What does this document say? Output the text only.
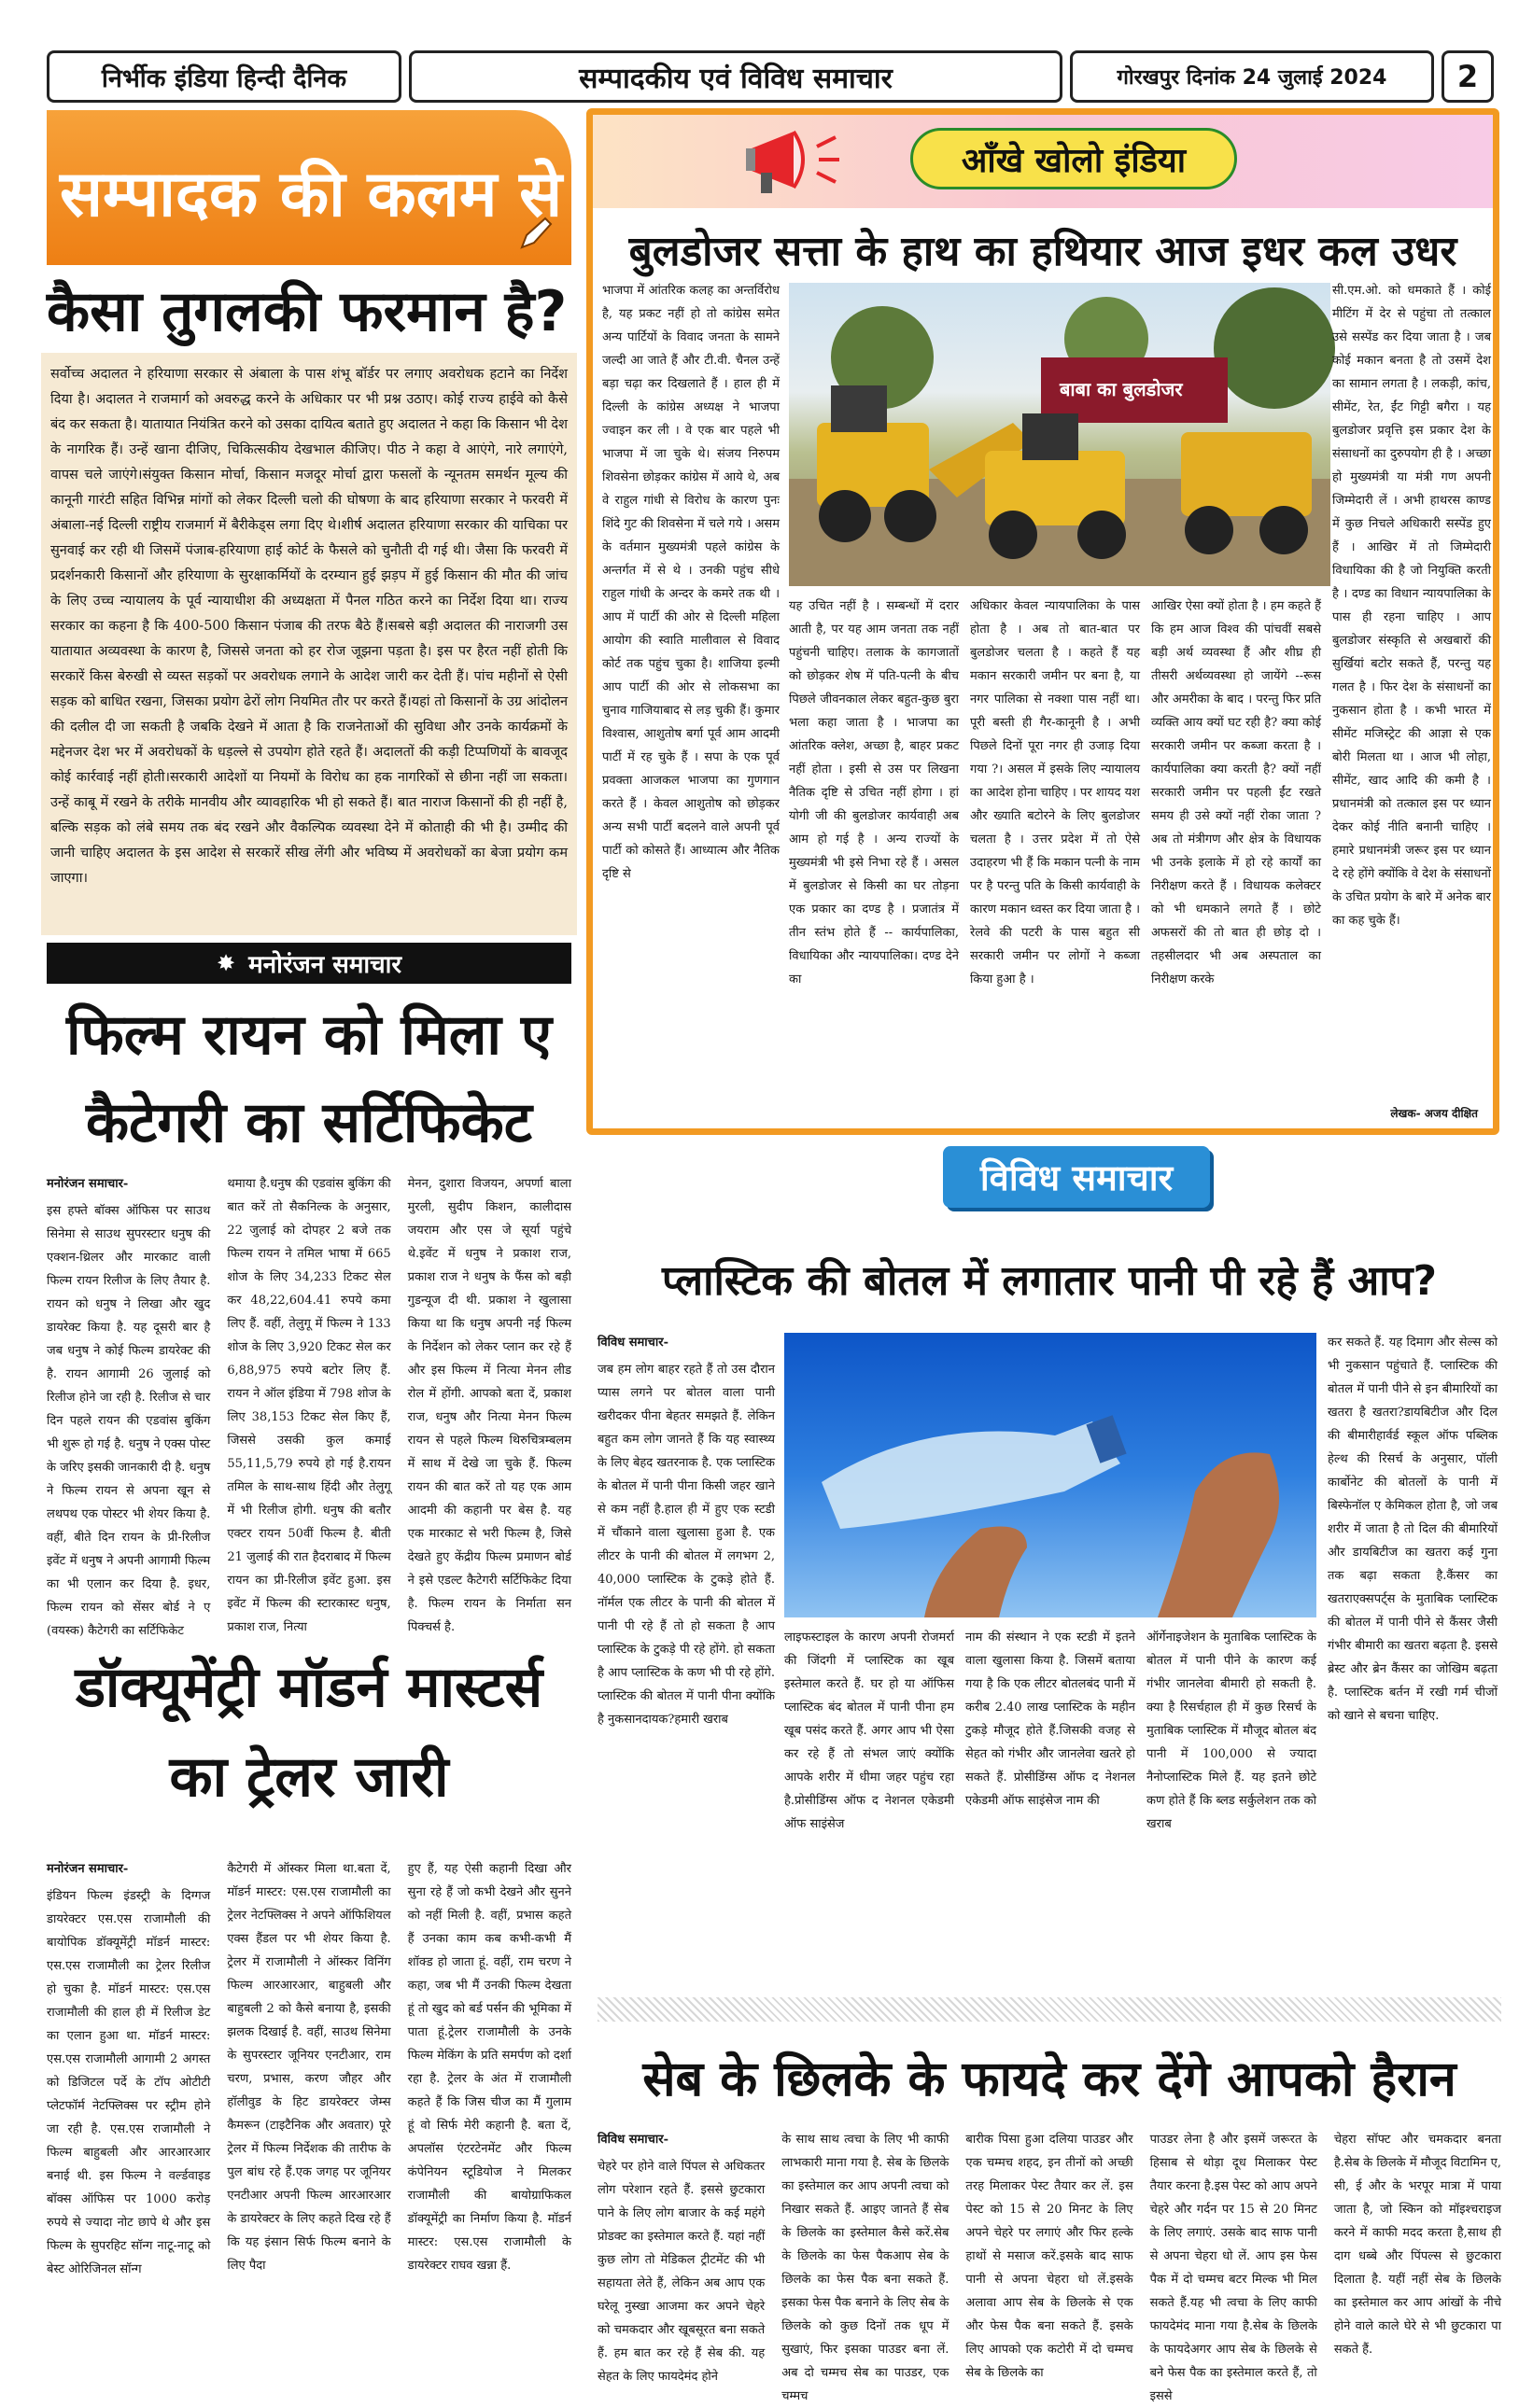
निर्भीक इंडिया हिन्दी दैनिक	सम्पादकीय एवं विविध समाचार	गोरखपुर दिनांक 24 जुलाई 2024	2
सम्पादक की कलम से
कैसा तुगलकी फरमान है?
सर्वोच्च अदालत ने हरियाणा सरकार से अंबाला के पास शंभू बॉर्डर पर लगाए अवरोधक हटाने का निर्देश दिया है। अदालत ने राजमार्ग को अवरुद्ध करने के अधिकार पर भी प्रश्न उठाए। कोई राज्य हाईवे को कैसे बंद कर सकता है। यातायात नियंत्रित करने को उसका दायित्व बताते हुए अदालत ने कहा कि किसान भी देश के नागरिक हैं। उन्हें खाना दीजिए, चिकित्सकीय देखभाल कीजिए। पीठ ने कहा वे आएंगे, नारे लगाएंगे, वापस चले जाएंगे।संयुक्त किसान मोर्चा, किसान मजदूर मोर्चा द्वारा फसलों के न्यूनतम समर्थन मूल्य की कानूनी गारंटी सहित विभिन्न मांगों को लेकर दिल्ली चलो की घोषणा के बाद हरियाणा सरकार ने फरवरी में अंबाला-नई दिल्ली राष्ट्रीय राजमार्ग में बैरीकेड्स लगा दिए थे।शीर्ष अदालत हरियाणा सरकार की याचिका पर सुनवाई कर रही थी जिसमें पंजाब-हरियाणा हाई कोर्ट के फैसले को चुनौती दी गई थी। जैसा कि फरवरी में प्रदर्शनकारी किसानों और हरियाणा के सुरक्षाकर्मियों के दरम्यान हुई झड़प में हुई किसान की मौत की जांच के लिए उच्च न्यायालय के पूर्व न्यायाधीश की अध्यक्षता में पैनल गठित करने का निर्देश दिया था। राज्य सरकार का कहना है कि 400-500 किसान पंजाब की तरफ बैठे हैं।सबसे बड़ी अदालत की नाराजगी उस यातायात अव्यवस्था के कारण है, जिससे जनता को हर रोज जूझना पड़ता है। इस पर हैरत नहीं होती कि सरकारें किस बेरुखी से व्यस्त सड़कों पर अवरोधक लगाने के आदेश जारी कर देती हैं। पांच महीनों से ऐसी सड़क को बाधित रखना, जिसका प्रयोग ढेरों लोग नियमित तौर पर करते हैं।यहां तो किसानों के उग्र आंदोलन की दलील दी जा सकती है जबकि देखने में आता है कि राजनेताओं की सुविधा और उनके कार्यक्रमों के मद्देनजर देश भर में अवरोधकों के धड़ल्ले से उपयोग होते रहते हैं। अदालतों की कड़ी टिप्पणियों के बावजूद कोई कार्रवाई नहीं होती।सरकारी आदेशों या नियमों के विरोध का हक नागरिकों से छीना नहीं जा सकता। उन्हें काबू में रखने के तरीके मानवीय और व्यावहारिक भी हो सकते हैं। बात नाराज किसानों की ही नहीं है, बल्कि सड़क को लंबे समय तक बंद रखने और वैकल्पिक व्यवस्था देने में कोताही की भी है। उम्मीद की जानी चाहिए अदालत के इस आदेश से सरकारें सीख लेंगी और भविष्य में अवरोधकों का बेजा प्रयोग कम जाएगा।
✸ मनोरंजन समाचार
फिल्म रायन को मिला ए कैटेगरी का सर्टिफिकेट
मनोरंजन समाचार-
इस हफ्ते बॉक्स ऑफिस पर साउथ सिनेमा से साउथ सुपरस्टार धनुष की एक्शन-थ्रिलर और मारकाट वाली फिल्म रायन रिलीज के लिए तैयार है. रायन को धनुष ने लिखा और खुद डायरेक्ट किया है. यह दूसरी बार है जब धनुष ने कोई फिल्म डायरेक्ट की है. रायन आगामी 26 जुलाई को रिलीज होने जा रही है. रिलीज से चार दिन पहले रायन की एडवांस बुकिंग भी शुरू हो गई है. धनुष ने एक्स पोस्ट के जरिए इसकी जानकारी दी है. धनुष ने फिल्म रायन से अपना खून से लथपथ एक पोस्टर भी शेयर किया है. वहीं, बीते दिन रायन के प्री-रिलीज इवेंट में धनुष ने अपनी आगामी फिल्म का भी एलान कर दिया है. इधर, फिल्म रायन को सेंसर बोर्ड ने ए (वयस्क) कैटेगरी का सर्टिफिकेट
थमाया है.धनुष की एडवांस बुकिंग की बात करें तो सैकनिल्क के अनुसार, 22 जुलाई को दोपहर 2 बजे तक फिल्म रायन ने तमिल भाषा में 665 शोज के लिए 34,233 टिकट सेल कर 48,22,604.41 रुपये कमा लिए हैं. वहीं, तेलुगू में फिल्म ने 133 शोज के लिए 3,920 टिकट सेल कर 6,88,975 रुपये बटोर लिए हैं. रायन ने ऑल इंडिया में 798 शोज के लिए 38,153 टिकट सेल किए हैं, जिससे उसकी कुल कमाई 55,11,5,79 रुपये हो गई है.रायन तमिल के साथ-साथ हिंदी और तेलुगू में भी रिलीज होगी. धनुष की बतौर एक्टर रायन 50वीं फिल्म है. बीती 21 जुलाई की रात हैदराबाद में फिल्म रायन का प्री-रिलीज इवेंट हुआ. इस इवेंट में फिल्म की स्टारकास्ट धनुष, प्रकाश राज, नित्या
मेनन, दुशारा विजयन, अपर्णा बाला मुरली, सुदीप किशन, कालीदास जयराम और एस जे सूर्या पहुंचे थे.इवेंट में धनुष ने प्रकाश राज, प्रकाश राज ने धनुष के फैंस को बड़ी गुडन्यूज दी थी. प्रकाश ने खुलासा किया था कि धनुष अपनी नई फिल्म के निर्देशन को लेकर प्लान कर रहे हैं और इस फिल्म में नित्या मेनन लीड रोल में होंगी. आपको बता दें, प्रकाश राज, धनुष और नित्या मेनन फिल्म रायन से पहले फिल्म थिरुचित्रम्बलम में साथ में देखे जा चुके हैं. फिल्म रायन की बात करें तो यह एक आम आदमी की कहानी पर बेस है. यह एक मारकाट से भरी फिल्म है, जिसे देखते हुए केंद्रीय फिल्म प्रमाणन बोर्ड ने इसे एडल्ट कैटेगरी सर्टिफिकेट दिया है. फिल्म रायन के निर्माता सन पिक्चर्स है.
डॉक्यूमेंट्री मॉडर्न मास्टर्स का ट्रेलर जारी
मनोरंजन समाचार-
इंडियन फिल्म इंडस्ट्री के दिग्गज डायरेक्टर एस.एस राजामौली की बायोपिक डॉक्यूमेंट्री मॉडर्न मास्टर: एस.एस राजामौली का ट्रेलर रिलीज हो चुका है. मॉडर्न मास्टर: एस.एस राजामौली की हाल ही में रिलीज डेट का एलान हुआ था. मॉडर्न मास्टर: एस.एस राजामौली आगामी 2 अगस्त को डिजिटल पर्दे के टॉप ओटीटी प्लेटफॉर्म नेटफ्लिक्स पर स्ट्रीम होने जा रही है. एस.एस राजामौली ने फिल्म बाहुबली और आरआरआर बनाई थी. इस फिल्म ने वर्ल्डवाइड बॉक्स ऑफिस पर 1000 करोड़ रुपये से ज्यादा नोट छापे थे और इस फिल्म के सुपरहिट सॉन्ग नाटू-नाटू को बेस्ट ओरिजिनल सॉन्ग
कैटेगरी में ऑस्कर मिला था.बता दें, मॉडर्न मास्टर: एस.एस राजामौली का ट्रेलर नेटफ्लिक्स ने अपने ऑफिशियल एक्स हैंडल पर भी शेयर किया है. ट्रेलर में राजामौली ने ऑस्कर विनिंग फिल्म आरआरआर, बाहुबली और बाहुबली 2 को कैसे बनाया है, इसकी झलक दिखाई है. वहीं, साउथ सिनेमा के सुपरस्टार जूनियर एनटीआर, राम चरण, प्रभास, करण जौहर और हॉलीवुड के हिट डायरेक्टर जेम्स कैमरून (टाइटैनिक और अवतार) पूरे ट्रेलर में फिल्म निर्देशक की तारीफ के पुल बांध रहे हैं.एक जगह पर जूनियर एनटीआर अपनी फिल्म आरआरआर के डायरेक्टर के लिए कहते दिख रहे हैं कि यह इंसान सिर्फ फिल्म बनाने के लिए पैदा
हुए हैं, यह ऐसी कहानी दिखा और सुना रहे हैं जो कभी देखने और सुनने को नहीं मिली है. वहीं, प्रभास कहते हैं उनका काम कब कभी-कभी मैं शॉक्ड हो जाता हूं. वहीं, राम चरण ने कहा, जब भी मैं उनकी फिल्म देखता हूं तो खुद को बर्ड पर्सन की भूमिका में पाता हूं.ट्रेलर राजामौली के उनके फिल्म मेकिंग के प्रति समर्पण को दर्शा रहा है. ट्रेलर के अंत में राजामौली कहते हैं कि जिस चीज का मैं गुलाम हूं वो सिर्फ मेरी कहानी है. बता दें, अपलॉस एंटरटेनमेंट और फिल्म कंपेनियन स्टूडियोज ने मिलकर राजामौली की बायोग्राफिकल डॉक्यूमेंट्री का निर्माण किया है. मॉडर्न मास्टर: एस.एस राजामौली के डायरेक्टर राघव खन्ना हैं.
आँखे खोलो इंडिया
बुलडोजर सत्ता के हाथ का हथियार आज इधर कल उधर
भाजपा में आंतरिक कलह का अन्तर्विरोध है, यह प्रकट नहीं हो तो कांग्रेस समेत अन्य पार्टियों के विवाद जनता के सामने जल्दी आ जाते हैं और टी.वी. चैनल उन्हें बड़ा चढ़ा कर दिखलाते हैं । हाल ही में दिल्ली के कांग्रेस अध्यक्ष ने भाजपा ज्वाइन कर ली । वे एक बार पहले भी भाजपा में जा चुके थे। संजय निरुपम शिवसेना छोड़कर कांग्रेस में आये थे, अब वे राहुल गांधी से विरोध के कारण पुनः शिंदे गुट की शिवसेना में चले गये । असम के वर्तमान मुख्यमंत्री पहले कांग्रेस के अन्तर्गत में से थे । उनकी पहुंच सीधे राहुल गांधी के अन्दर के कमरे तक थी । आप में पार्टी की ओर से दिल्ली महिला आयोग की स्वाति मालीवाल से विवाद कोर्ट तक पहुंच चुका है। शाजिया इल्मी आप पार्टी की ओर से लोकसभा का चुनाव गाजियाबाद से लड़ चुकी हैं। कुमार विश्वास, आशुतोष बर्गा पूर्व आम आदमी पार्टी में रह चुके हैं । सपा के एक पूर्व प्रवक्ता आजकल भाजपा का गुणगान करते हैं । केवल आशुतोष को छोड़कर अन्य सभी पार्टी बदलने वाले अपनी पूर्व पार्टी को कोसते हैं। आध्यात्म और नैतिक दृष्टि से
बाबा का बुलडोजर
यह उचित नहीं है । सम्बन्धों में दरार आती है, पर यह आम जनता तक नहीं पहुंचनी चाहिए। तलाक के कागजातों को छोड़कर शेष में पति-पत्नी के बीच पिछले जीवनकाल लेकर बहुत-कुछ बुरा भला कहा जाता है । भाजपा का आंतरिक क्लेश, अच्छा है, बाहर प्रकट नहीं होता । इसी से उस पर लिखना नैतिक दृष्टि से उचित नहीं होगा । हां योगी जी की बुलडोजर कार्यवाही अब आम हो गई है । अन्य राज्यों के मुख्यमंत्री भी इसे निभा रहे हैं । असल में बुलडोजर से किसी का घर तोड़ना एक प्रकार का दण्ड है । प्रजातंत्र में तीन स्तंभ होते हैं -- कार्यपालिका, विधायिका और न्यायपालिका। दण्ड देने का
अधिकार केवल न्यायपालिका के पास होता है । अब तो बात-बात पर बुलडोजर चलता है । कहते हैं यह मकान सरकारी जमीन पर बना है, या नगर पालिका से नक्शा पास नहीं था। पूरी बस्ती ही गैर-कानूनी है । अभी पिछले दिनों पूरा नगर ही उजाड़ दिया गया ?। असल में इसके लिए न्यायालय का आदेश होना चाहिए । पर शायद यश और ख्याति बटोरने के लिए बुलडोजर चलता है । उत्तर प्रदेश में तो ऐसे उदाहरण भी हैं कि मकान पत्नी के नाम पर है परन्तु पति के किसी कार्यवाही के कारण मकान ध्वस्त कर दिया जाता है । रेलवे की पटरी के पास बहुत सी सरकारी जमीन पर लोगों ने कब्जा किया हुआ है ।
आखिर ऐसा क्यों होता है । हम कहते हैं कि हम आज विश्व की पांचवीं सबसे बड़ी अर्थ व्यवस्था हैं और शीघ्र ही तीसरी अर्थव्यवस्था हो जायेंगे --रूस और अमरीका के बाद । परन्तु फिर प्रति व्यक्ति आय क्यों घट रही है? क्या कोई सरकारी जमीन पर कब्जा करता है । कार्यपालिका क्या करती है? क्यों नहीं सरकारी जमीन पर पहली ईंट रखते समय ही उसे क्यों नहीं रोका जाता ? अब तो मंत्रीगण और क्षेत्र के विधायक भी उनके इलाके में हो रहे कार्यों का निरीक्षण करते हैं । विधायक कलेक्टर को भी धमकाने लगते हैं । छोटे अफसरों की तो बात ही छोड़ दो । तहसीलदार भी अब अस्पताल का निरीक्षण करके
सी.एम.ओ. को धमकाते हैं । कोई मीटिंग में देर से पहुंचा तो तत्काल उसे सस्पेंड कर दिया जाता है । जब कोई मकान बनता है तो उसमें देश का सामान लगता है । लकड़ी, कांच, सीमेंट, रेत, ईंट गिट्टी बगैरा । यह बुलडोजर प्रवृत्ति इस प्रकार देश के संसाधनों का दुरुपयोग ही है । अच्छा हो मुख्यमंत्री या मंत्री गण अपनी जिम्मेदारी लें । अभी हाथरस काण्ड में कुछ निचले अधिकारी सस्पेंड हुए हैं । आखिर में तो जिम्मेदारी विधायिका की है जो नियुक्ति करती है । दण्ड का विधान न्यायपालिका के पास ही रहना चाहिए । आप बुलडोजर संस्कृति से अखबारों की सुर्खियां बटोर सकते हैं, परन्तु यह गलत है । फिर देश के संसाधनों का नुकसान होता है । कभी भारत में सीमेंट मजिस्ट्रेट की आज्ञा से एक बोरी मिलता था । आज भी लोहा, सीमेंट, खाद आदि की कमी है । प्रधानमंत्री को तत्काल इस पर ध्यान देकर कोई नीति बनानी चाहिए । हमारे प्रधानमंत्री जरूर इस पर ध्यान दे रहे होंगे क्योंकि वे देश के संसाधनों के उचित प्रयोग के बारे में अनेक बार का कह चुके हैं।
लेखक- अजय दीक्षित
विविध समाचार
प्लास्टिक की बोतल में लगातार पानी पी रहे हैं आप?
विविध समाचार-
जब हम लोग बाहर रहते हैं तो उस दौरान प्यास लगने पर बोतल वाला पानी खरीदकर पीना बेहतर समझते हैं. लेकिन बहुत कम लोग जानते हैं कि यह स्वास्थ्य के लिए बेहद खतरनाक है. एक प्लास्टिक के बोतल में पानी पीना किसी जहर खाने से कम नहीं है.हाल ही में हुए एक स्टडी में चौंकाने वाला खुलासा हुआ है. एक लीटर के पानी की बोतल में लगभग 2, 40,000 प्लास्टिक के टुकड़े होते हैं. नॉर्मल एक लीटर के पानी की बोतल में पानी पी रहे हैं तो हो सकता है आप प्लास्टिक के टुकड़े पी रहे होंगे. हो सकता है आप प्लास्टिक के कण भी पी रहे होंगे. प्लास्टिक की बोतल में पानी पीना क्योंकि है नुकसानदायक?हमारी खराब
लाइफस्टाइल के कारण अपनी रोजमर्रा की जिंदगी में प्लास्टिक का खूब इस्तेमाल करते हैं. घर हो या ऑफिस प्लास्टिक बंद बोतल में पानी पीना हम खूब पसंद करते हैं. अगर आप भी ऐसा कर रहे हैं तो संभल जाएं क्योंकि आपके शरीर में धीमा जहर पहुंच रहा है.प्रोसीडिंग्स ऑफ द नेशनल एकेडमी ऑफ साइंसेज
नाम की संस्थान ने एक स्टडी में इतने वाला खुलासा किया है. जिसमें बताया गया है कि एक लीटर बोतलबंद पानी में करीब 2.40 लाख प्लास्टिक के महीन टुकड़े मौजूद होते हैं.जिसकी वजह से सेहत को गंभीर और जानलेवा खतरे हो सकते हैं. प्रोसीडिंग्स ऑफ द नेशनल एकेडमी ऑफ साइंसेज नाम की
ऑर्गेनाइजेशन के मुताबिक प्लास्टिक के बोतल में पानी पीने के कारण कई गंभीर जानलेवा बीमारी हो सकती है. क्या है रिसर्चहाल ही में कुछ रिसर्च के मुताबिक प्लास्टिक में मौजूद बोतल बंद पानी में 100,000 से ज्यादा नैनोप्लास्टिक मिले हैं. यह इतने छोटे कण होते हैं कि ब्लड सर्कुलेशन तक को खराब
कर सकते हैं. यह दिमाग और सेल्स को भी नुकसान पहुंचाते हैं. प्लास्टिक की बोतल में पानी पीने से इन बीमारियों का खतरा है खतरा?डायबिटीज और दिल की बीमारीहार्वर्ड स्कूल ऑफ पब्लिक हेल्थ की रिसर्च के अनुसार, पॉली कार्बोनेट की बोतलों के पानी में बिस्फेनॉल ए केमिकल होता है, जो जब शरीर में जाता है तो दिल की बीमारियों और डायबिटीज का खतरा कई गुना तक बढ़ा सकता है.कैंसर का खतराएक्सपर्ट्स के मुताबिक प्लास्टिक की बोतल में पानी पीने से कैंसर जैसी गंभीर बीमारी का खतरा बढ़ता है. इससे ब्रेस्ट और ब्रेन कैंसर का जोखिम बढ़ता है. प्लास्टिक बर्तन में रखी गर्म चीजों को खाने से बचना चाहिए.
सेब के छिलके के फायदे कर देंगे आपको हैरान
विविध समाचार-
चेहरे पर होने वाले पिंपल से अधिकतर लोग परेशान रहते हैं. इससे छुटकारा पाने के लिए लोग बाजार के कई महंगे प्रोडक्ट का इस्तेमाल करते हैं. यहां नहीं कुछ लोग तो मेडिकल ट्रीटमेंट की भी सहायता लेते हैं, लेकिन अब आप एक घरेलू नुस्खा आजमा कर अपने चेहरे को चमकदार और खूबसूरत बना सकते हैं. हम बात कर रहे हैं सेब की. यह सेहत के लिए फायदेमंद होने
के साथ साथ त्वचा के लिए भी काफी लाभकारी माना गया है. सेब के छिलके का इस्तेमाल कर आप अपनी त्वचा को निखार सकते हैं. आइए जानते हैं सेब के छिलके का इस्तेमाल कैसे करें.सेब के छिलके का फेस पैकआप सेब के छिलके का फेस पैक बना सकते हैं. इसका फेस पैक बनाने के लिए सेब के छिलके को कुछ दिनों तक धूप में सुखाएं, फिर इसका पाउडर बना लें. अब दो चम्मच सेब का पाउडर, एक चम्मच
बारीक पिसा हुआ दलिया पाउडर और एक चम्मच शहद, इन तीनों को अच्छी तरह मिलाकर पेस्ट तैयार कर लें. इस पेस्ट को 15 से 20 मिनट के लिए अपने चेहरे पर लगाएं और फिर हल्के हाथों से मसाज करें.इसके बाद साफ पानी से अपना चेहरा धो लें.इसके अलावा आप सेब के छिलके से एक और फेस पैक बना सकते हैं. इसके लिए आपको एक कटोरी में दो चम्मच सेब के छिलके का
पाउडर लेना है और इसमें जरूरत के हिसाब से थोड़ा दूध मिलाकर पेस्ट तैयार करना है.इस पेस्ट को आप अपने चेहरे और गर्दन पर 15 से 20 मिनट के लिए लगाएं. उसके बाद साफ पानी से अपना चेहरा धो लें. आप इस फेस पैक में दो चम्मच बटर मिल्क भी मिल सकते हैं.यह भी त्वचा के लिए काफी फायदेमंद माना गया है.सेब के छिलके के फायदेअगर आप सेब के छिलके से बने फेस पैक का इस्तेमाल करते हैं, तो इससे
चेहरा सॉफ्ट और चमकदार बनता है.सेब के छिलके में मौजूद विटामिन ए, सी, ई और के भरपूर मात्रा में पाया जाता है, जो स्किन को मॉइश्चराइज करने में काफी मदद करता है,साथ ही दाग धब्बे और पिंपल्स से छुटकारा दिलाता है. यहीं नहीं सेब के छिलके का इस्तेमाल कर आप आंखों के नीचे होने वाले काले घेरे से भी छुटकारा पा सकते हैं.
